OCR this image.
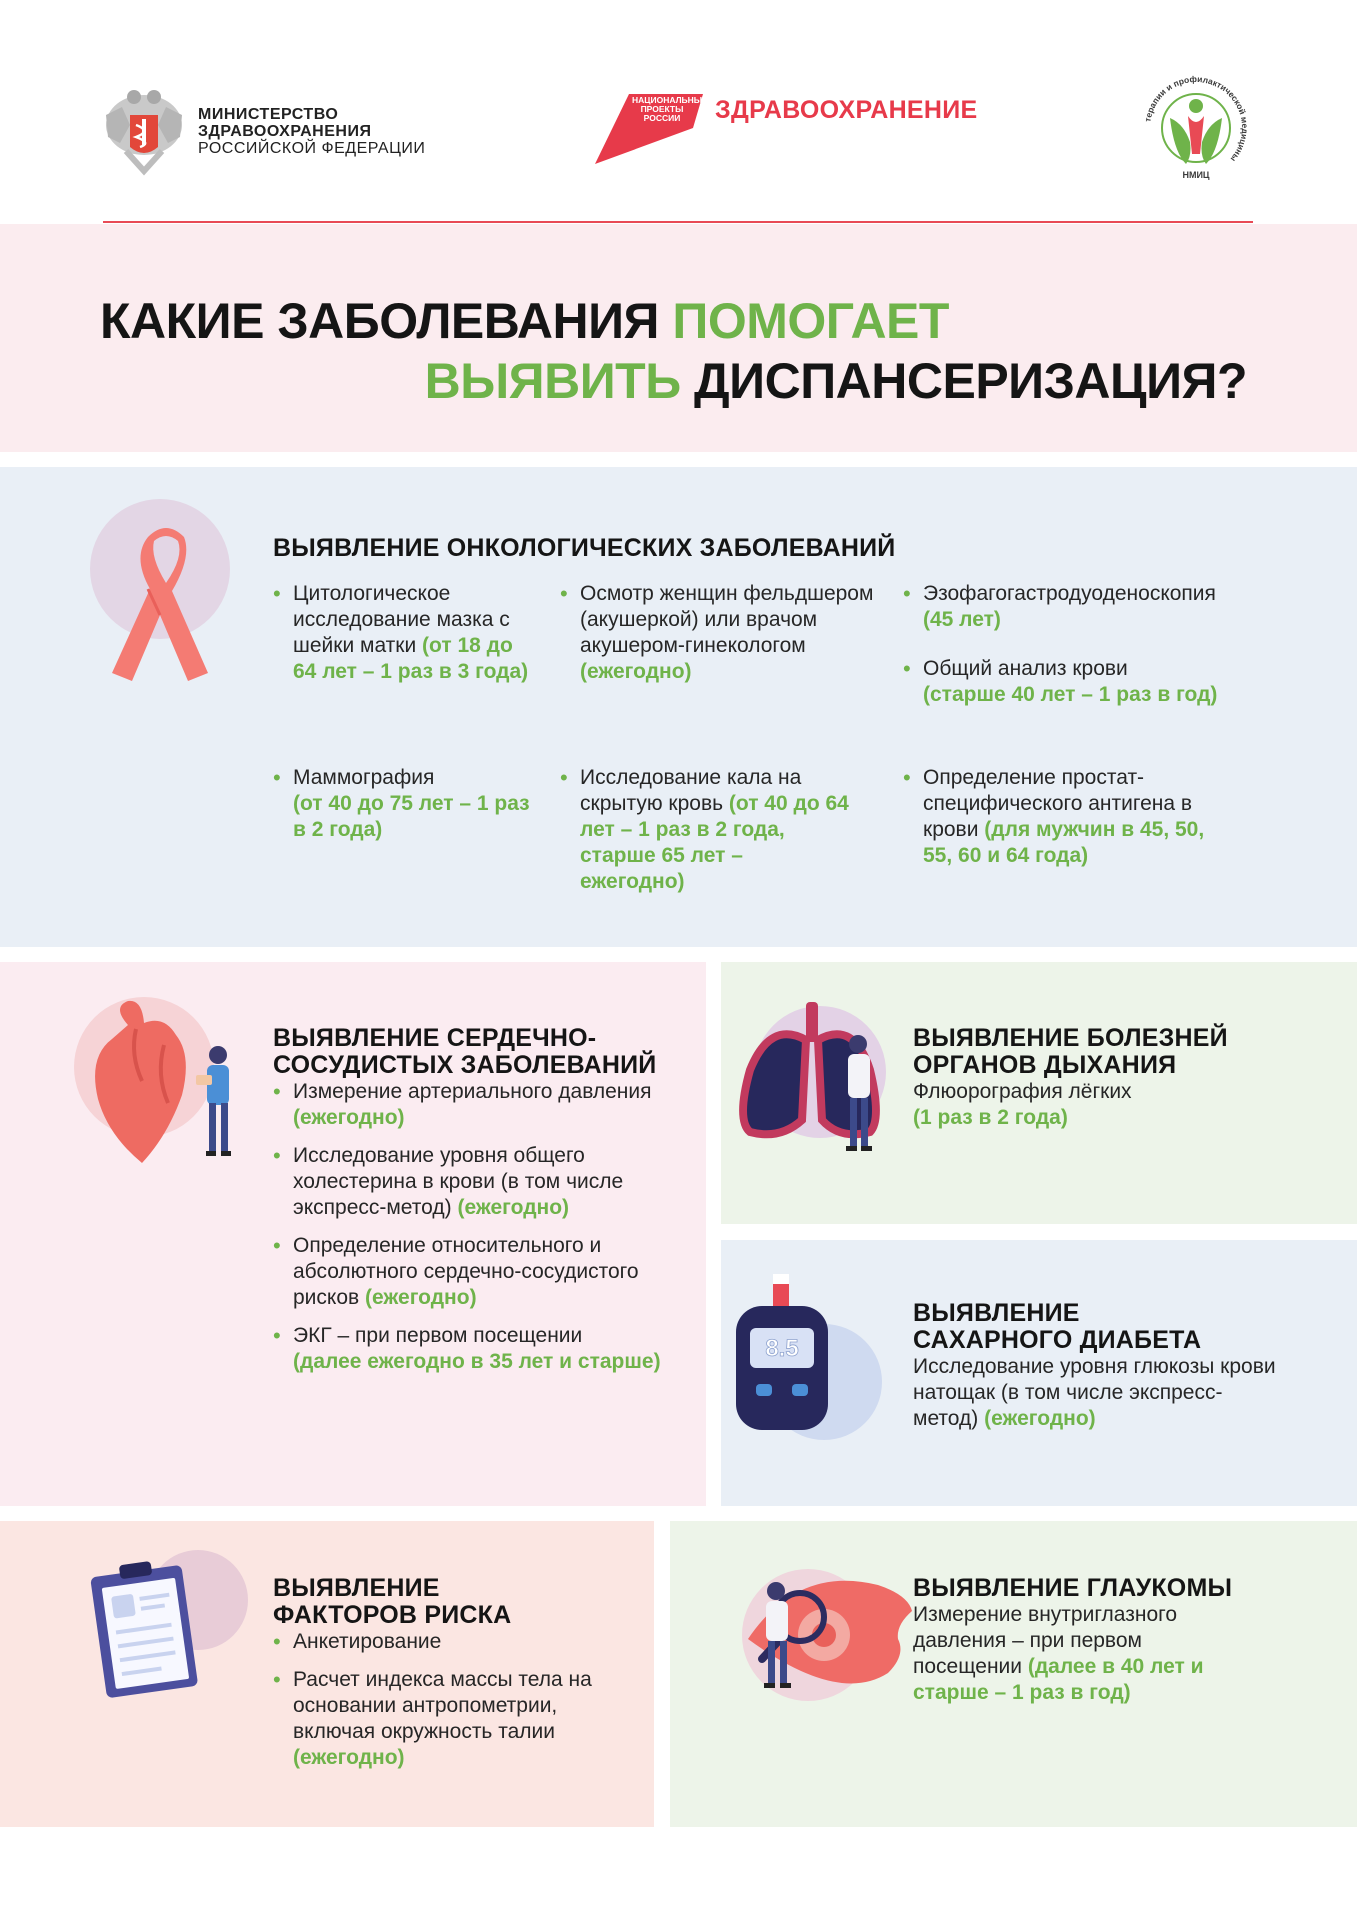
МИНИСТЕРСТВО
ЗДРАВООХРАНЕНИЯ
РОССИЙСКОЙ ФЕДЕРАЦИИ
НАЦИОНАЛЬНЫЕ
ПРОЕКТЫ
РОССИИ	ЗДРАВООХРАНЕНИЕ	терапии и профилактической медицины
НМИЦ
КАКИЕ ЗАБОЛЕВАНИЯ ПОМОГАЕТ
ВЫЯВИТЬ ДИСПАНСЕРИЗАЦИЯ?
ВЫЯВЛЕНИЕ ОНКОЛОГИЧЕСКИХ ЗАБОЛЕВАНИЙ
• Цитологическое исследование мазка с шейки матки (от 18 до 64 лет – 1 раз в 3 года)
• Осмотр женщин фельдшером (акушеркой) или врачом акушером-гинекологом (ежегодно)
• Эзофагогастродуоденоскопия
(45 лет)
• Общий анализ крови
(старше 40 лет – 1 раз в год)
• Маммография
(от 40 до 75 лет – 1 раз в 2 года)
• Исследование кала на скрытую кровь (от 40 до 64 лет – 1 раз в 2 года, старше 65 лет – ежегодно)
• Определение простат-специфического антигена в крови (для мужчин в 45, 50, 55, 60 и 64 года)
ВЫЯВЛЕНИЕ СЕРДЕЧНО-
СОСУДИСТЫХ ЗАБОЛЕВАНИЙ
• Измерение артериального давления (ежегодно)
• Исследование уровня общего холестерина в крови (в том числе экспресс-метод) (ежегодно)
• Определение относительного и абсолютного сердечно-сосудистого рисков (ежегодно)
• ЭКГ – при первом посещении
(далее ежегодно в 35 лет и старше)
ВЫЯВЛЕНИЕ БОЛЕЗНЕЙ
ОРГАНОВ ДЫХАНИЯ
Флюорография лёгких
(1 раз в 2 года)
8.5
ВЫЯВЛЕНИЕ
САХАРНОГО ДИАБЕТА
Исследование уровня глюкозы крови натощак (в том числе экспресс-метод) (ежегодно)
ВЫЯВЛЕНИЕ
ФАКТОРОВ РИСКА
• Анкетирование
• Расчет индекса массы тела на основании антропометрии, включая окружность талии (ежегодно)
ВЫЯВЛЕНИЕ ГЛАУКОМЫ
Измерение внутриглазного давления – при первом посещении (далее в 40 лет и старше – 1 раз в год)
